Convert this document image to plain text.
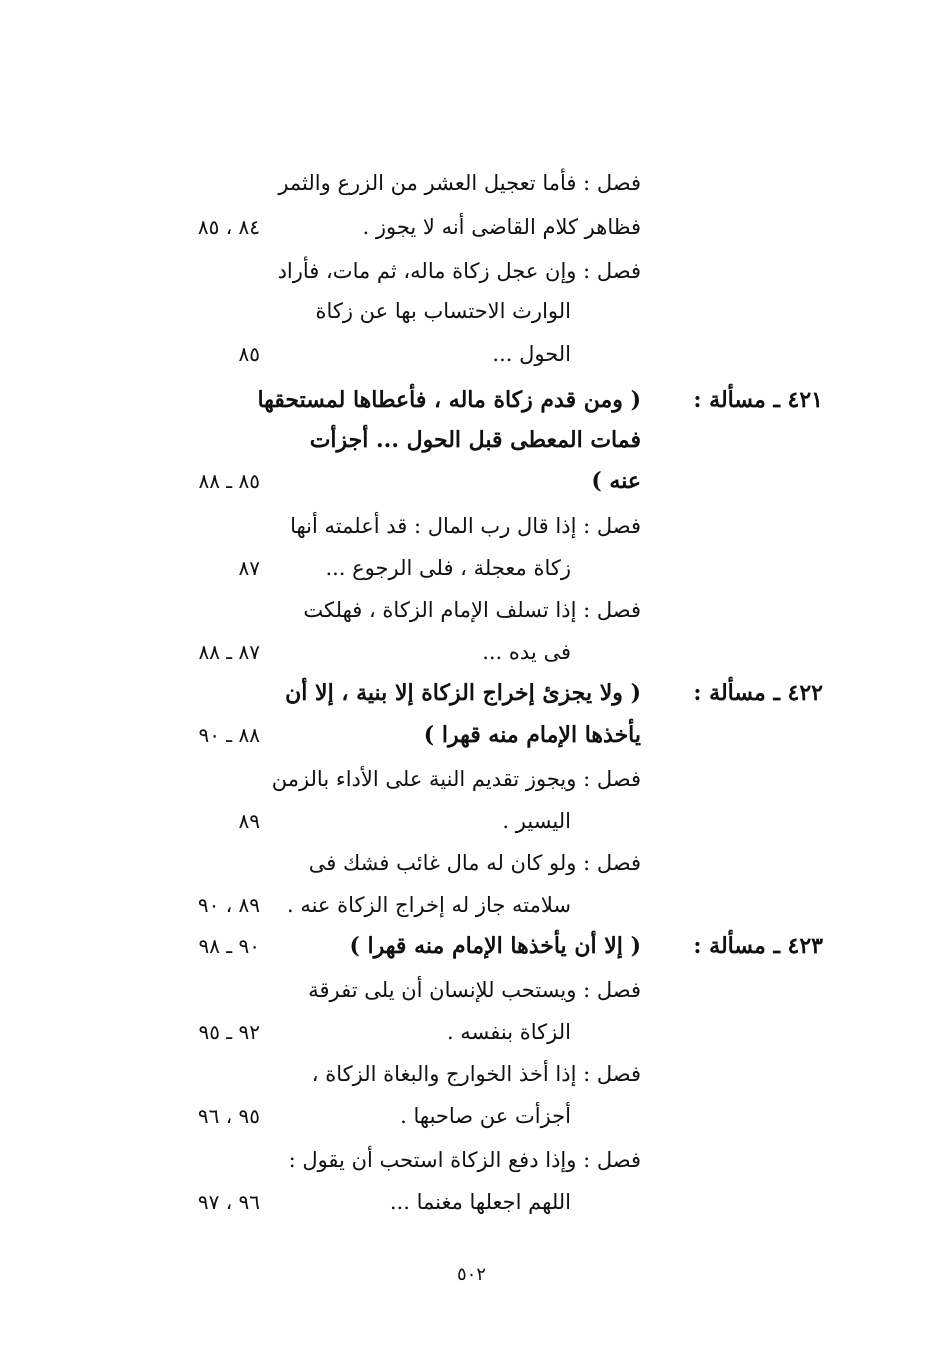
فصل : فأما تعجيل العشر من الزرع والثمر
فظاهر كلام القاضى أنه لا يجوز .
٨٤ ، ٨٥
فصل : وإن عجل زكاة ماله، ثم مات، فأراد
الوارث الاحتساب بها عن زكاة
الحول ...
٨٥
٤٢١ ـ مسألة :
( ومن قدم زكاة ماله ، فأعطاها لمستحقها
فمات المعطى قبل الحول ... أجزأت
عنه )
٨٥ ـ ٨٨
فصل : إذا قال رب المال : قد أعلمته أنها
زكاة معجلة ، فلى الرجوع ...
٨٧
فصل : إذا تسلف الإمام الزكاة ، فهلكت
فى يده ...
٨٧ ـ ٨٨
٤٢٢ ـ مسألة :
( ولا يجزئ إخراج الزكاة إلا بنية ، إلا أن
يأخذها الإمام منه قهرا )
٨٨ ـ ٩٠
فصل : ويجوز تقديم النية على الأداء بالزمن
اليسير .
٨٩
فصل : ولو كان له مال غائب فشك فى
سلامته جاز له إخراج الزكاة عنه .
٨٩ ، ٩٠
٤٢٣ ـ مسألة :
( إلا أن يأخذها الإمام منه قهرا )
٩٠ ـ ٩٨
فصل : ويستحب للإنسان أن يلى تفرقة
الزكاة بنفسه .
٩٢ ـ ٩٥
فصل : إذا أخذ الخوارج والبغاة الزكاة ،
أجزأت عن صاحبها .
٩٥ ، ٩٦
فصل : وإذا دفع الزكاة استحب أن يقول :
اللهم اجعلها مغنما ...
٩٦ ، ٩٧
٥٠٢
